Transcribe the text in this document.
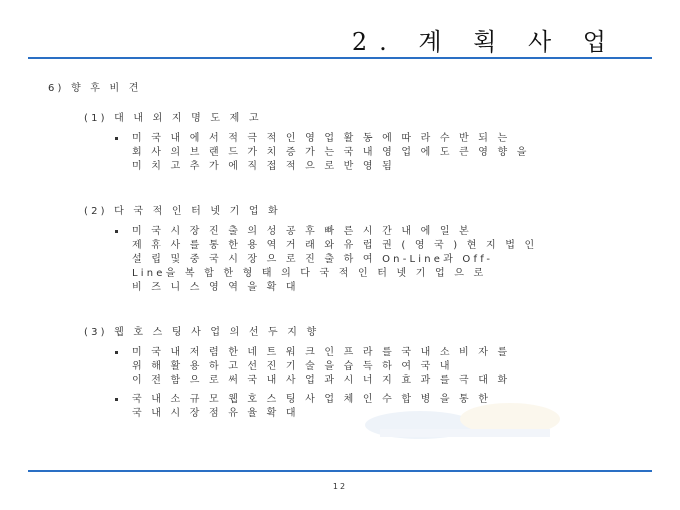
2. 계 획 사 업
6) 향 후 비 견
(1) 대 내 외 지 명 도 제 고
미 국 내 에 서 적 극 적 인 영 업 활 동 에 따 라 수 반 되 는
회 사 의 브 랜 드 가 치 증 가 는 국 내 영 업 에 도 큰 영 향 을
미 치 고 추 가 에 직 접 적 으 로 반 영 됨
(2) 다 국 적 인 터 넷 기 업 화
미 국 시 장 진 출 의 성 공 후 빠 른 시 간 내 에 일 본
제 휴 사 를 통 한 용 역 거 래 와 유 럽 권 ( 영 국 ) 현 지 법 인
설 립 및 중 국 시 장 으 로 진 출 하 여 On-Line과 Off-
Line을 복 합 한 형 태 의 다 국 적 인 터 넷 기 업 으 로
비 즈 니 스 영 역 을 확 대
(3) 웹 호 스 팅 사 업 의 선 두 지 향
미 국 내 저 렴 한 네 트 워 크 인 프 라 를 국 내 소 비 자 를
위 해 활 용 하 고 선 진 기 술 을 습 득 하 여 국 내
이 전 함 으 로 써 국 내 사 업 과 시 너 지 효 과 를 극 대 화
국 내 소 규 모 웹 호 스 팅 사 업 체 인 수 합 병 을 통 한
국 내 시 장 점 유 율 확 대
12
